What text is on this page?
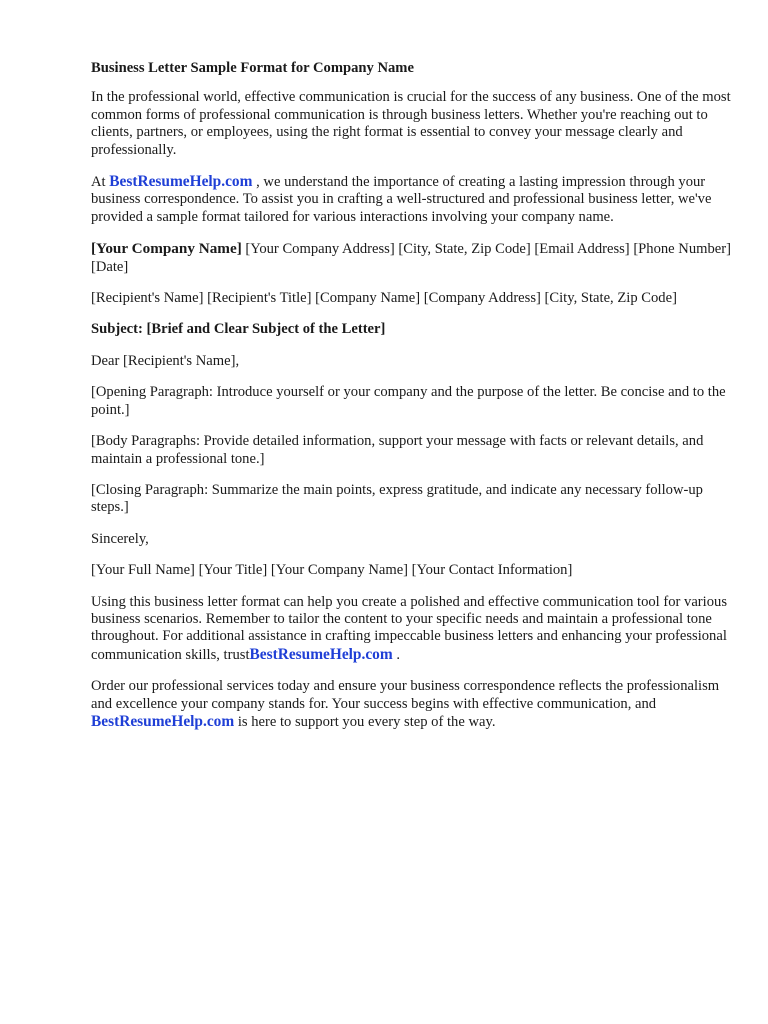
Business Letter Sample Format for Company Name

In the professional world, effective communication is crucial for the success of any business. One of the most common forms of professional communication is through business letters. Whether you're reaching out to clients, partners, or employees, using the right format is essential to convey your message clearly and professionally.

At BestResumeHelp.com , we understand the importance of creating a lasting impression through your business correspondence. To assist you in crafting a well-structured and professional business letter, we've provided a sample format tailored for various interactions involving your company name.

[Your Company Name] [Your Company Address] [City, State, Zip Code] [Email Address] [Phone Number] [Date]

[Recipient's Name] [Recipient's Title] [Company Name] [Company Address] [City, State, Zip Code]

Subject: [Brief and Clear Subject of the Letter]

Dear [Recipient's Name],

[Opening Paragraph: Introduce yourself or your company and the purpose of the letter. Be concise and to the point.]

[Body Paragraphs: Provide detailed information, support your message with facts or relevant details, and maintain a professional tone.]

[Closing Paragraph: Summarize the main points, express gratitude, and indicate any necessary follow-up steps.]

Sincerely,

[Your Full Name] [Your Title] [Your Company Name] [Your Contact Information]

Using this business letter format can help you create a polished and effective communication tool for various business scenarios. Remember to tailor the content to your specific needs and maintain a professional tone throughout. For additional assistance in crafting impeccable business letters and enhancing your professional communication skills, trustBestResumeHelp.com .

Order our professional services today and ensure your business correspondence reflects the professionalism and excellence your company stands for. Your success begins with effective communication, and BestResumeHelp.com is here to support you every step of the way.
